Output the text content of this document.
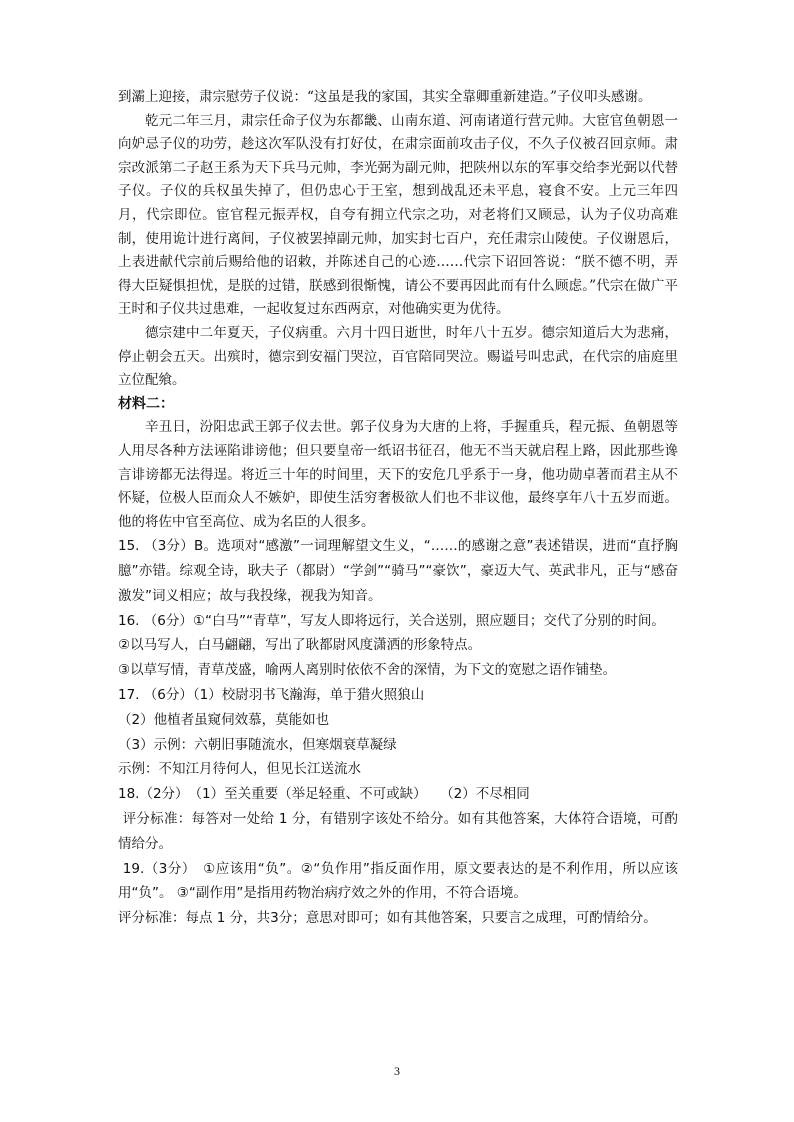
到灞上迎接，肃宗慰劳子仪说：“这虽是我的家国，其实全靠卿重新建造。”子仪叩头感谢。

乾元二年三月，肃宗任命子仪为东都畿、山南东道、河南诸道行营元帅。大宦官鱼朝恩一向妒忌子仪的功劳，趁这次军队没有打好仗，在肃宗面前攻击子仪，不久子仪被召回京师。肃宗改派第二子赵王系为天下兵马元帅，李光弼为副元帅，把陕州以东的军事交给李光弼以代替子仪。子仪的兵权虽失掉了，但仍忠心于王室，想到战乱还未平息，寝食不安。上元三年四月，代宗即位。宦官程元振弄权，自夸有拥立代宗之功，对老将们又顾忌，认为子仪功高难制，使用诡计进行离间，子仪被罢掉副元帅，加实封七百户，充任肃宗山陵使。子仪谢恩后，上表进献代宗前后赐给他的诏敕，并陈述自己的心迹……代宗下诏回答说：“朕不德不明，弄得大臣疑惧担忧，是朕的过错，朕感到很惭愧，请公不要再因此而有什么顾虑。”代宗在做广平王时和子仪共过患难，一起收复过东西两京，对他确实更为优待。

德宗建中二年夏天，子仪病重。六月十四日逝世，时年八十五岁。德宗知道后大为悲痛，停止朝会五天。出殡时，德宗到安福门哭泣，百官陪同哭泣。赐谥号叫忠武，在代宗的庙庭里立位配飨。

材料二：

辛丑日，汾阳忠武王郭子仪去世。郭子仪身为大唐的上将，手握重兵，程元振、鱼朝恩等人用尽各种方法诬陷诽谤他；但只要皇帝一纸诏书征召，他无不当天就启程上路，因此那些谗言诽谤都无法得逞。将近三十年的时间里，天下的安危几乎系于一身，他功勋卓著而君主从不怀疑，位极人臣而众人不嫉妒，即使生活穷奢极欲人们也不非议他，最终享年八十五岁而逝。他的将佐中官至高位、成为名臣的人很多。

15. （3分）B。选项对“感激”一词理解望文生义，“……的感谢之意”表述错误，进而“直抒胸臆”亦错。综观全诗，耿夫子（都尉）“学剑”“骑马”“豪饮”，豪迈大气、英武非凡，正与“感奋激发”词义相应；故与我投缘，视我为知音。

16. （6分）①“白马”“青草”，写友人即将远行，关合送别，照应题目；交代了分别的时间。

②以马写人，白马翩翩，写出了耿都尉风度潇洒的形象特点。

③以草写情，青草茂盛，喻两人离别时依依不舍的深情，为下文的宽慰之语作铺垫。

17. （6分）（1）校尉羽书飞瀚海，单于猎火照狼山

（2）他植者虽窥伺效慕，莫能如也

（3）示例：六朝旧事随流水，但寒烟衰草凝绿

示例：不知江月待何人，但见长江送流水

18.（2分）　（1）至关重要（举足轻重、不可或缺）　　（2）不尽相同

评分标准：每答对一处给 1 分，有错别字该处不给分。如有其他答案，大体符合语境，可酌情给分。

19.（3分）　①应该用“负”。②“负作用”指反面作用，原文要表达的是不利作用，所以应该用“负”。 ③“副作用”是指用药物治病疗效之外的作用，不符合语境。

评分标准：每点 1 分，共3分；意思对即可；如有其他答案，只要言之成理，可酌情给分。

3
